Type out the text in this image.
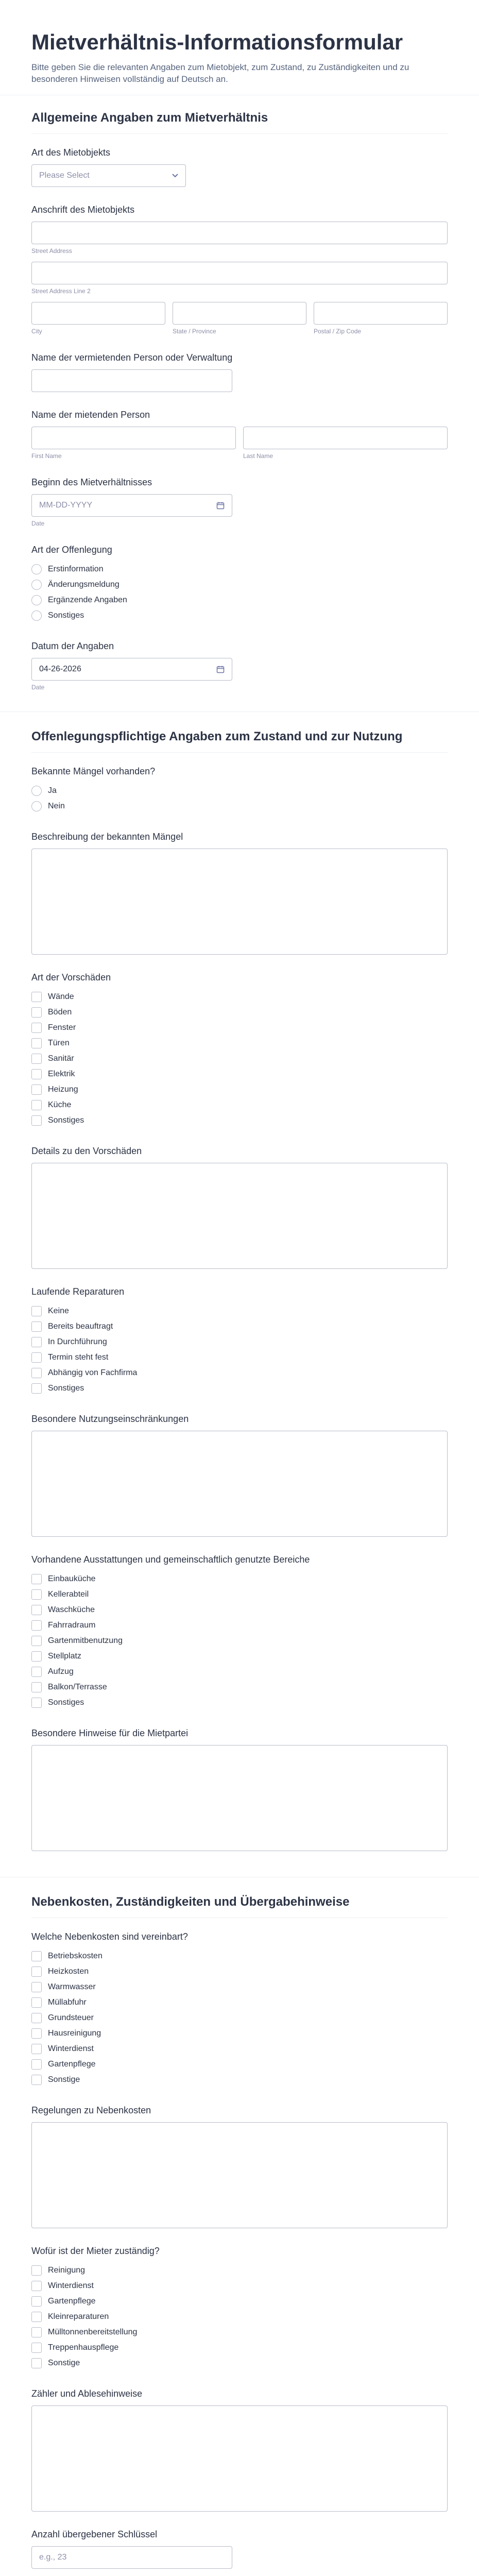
Mietverhältnis-Informationsformular

Bitte geben Sie die relevanten Angaben zum Mietobjekt, zum Zustand, zu Zuständigkeiten und zu besonderen Hinweisen vollständig auf Deutsch an.

Allgemeine Angaben zum Mietverhältnis
Art des Mietobjekts
Please Select
Anschrift des Mietobjekts
Street Address
Street Address Line 2
City	State / Province	Postal / Zip Code
Name der vermietenden Person oder Verwaltung
Name der mietenden Person
First Name	Last Name
Beginn des Mietverhältnisses
MM-DD-YYYY
Date
Art der Offenlegung
Erstinformation
Änderungsmeldung
Ergänzende Angaben
Sonstiges
Datum der Angaben
04-26-2026
Date
Offenlegungspflichtige Angaben zum Zustand und zur Nutzung
Bekannte Mängel vorhanden?
Ja
Nein
Beschreibung der bekannten Mängel
Art der Vorschäden
Wände
Böden
Fenster
Türen
Sanitär
Elektrik
Heizung
Küche
Sonstiges
Details zu den Vorschäden
Laufende Reparaturen
Keine
Bereits beauftragt
In Durchführung
Termin steht fest
Abhängig von Fachfirma
Sonstiges
Besondere Nutzungseinschränkungen
Vorhandene Ausstattungen und gemeinschaftlich genutzte Bereiche
Einbauküche
Kellerabteil
Waschküche
Fahrradraum
Gartenmitbenutzung
Stellplatz
Aufzug
Balkon/Terrasse
Sonstiges
Besondere Hinweise für die Mietpartei
Nebenkosten, Zuständigkeiten und Übergabehinweise
Welche Nebenkosten sind vereinbart?
Betriebskosten
Heizkosten
Warmwasser
Müllabfuhr
Grundsteuer
Hausreinigung
Winterdienst
Gartenpflege
Sonstige
Regelungen zu Nebenkosten
Wofür ist der Mieter zuständig?
Reinigung
Winterdienst
Gartenpflege
Kleinreparaturen
Mülltonnenbereitstellung
Treppenhauspflege
Sonstige
Zähler und Ablesehinweise
Anzahl übergebener Schlüssel
e.g., 23
